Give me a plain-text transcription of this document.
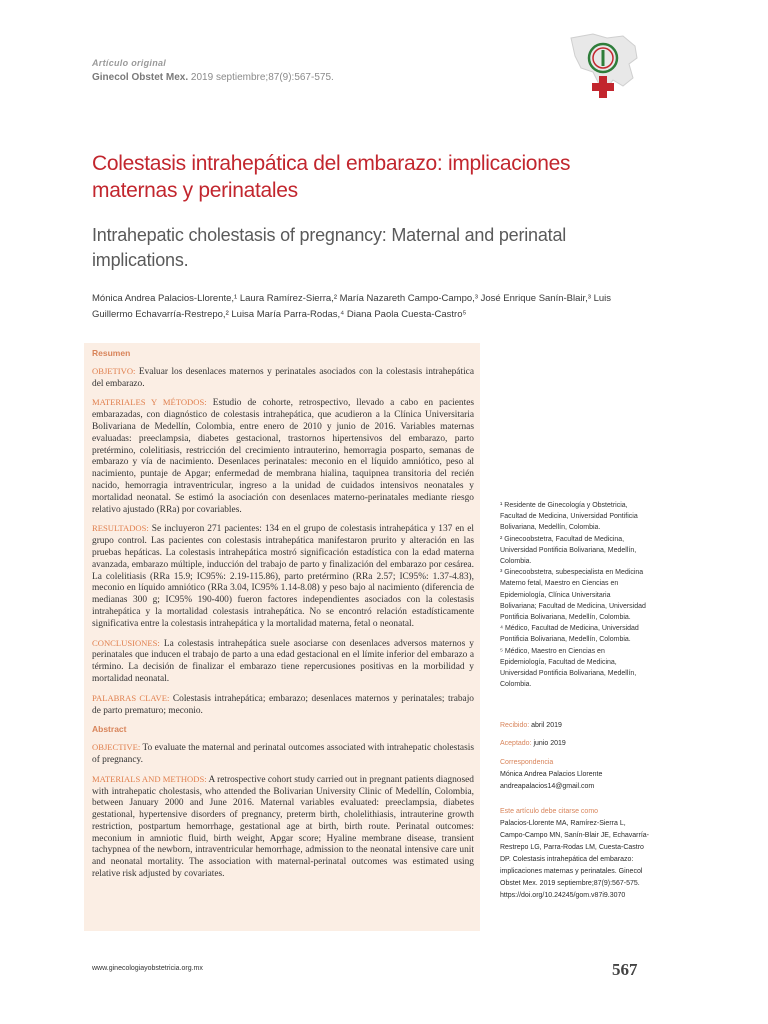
Artículo original
Ginecol Obstet Mex. 2019 septiembre;87(9):567-575.
Colestasis intrahepática del embarazo: implicaciones maternas y perinatales
Intrahepatic cholestasis of pregnancy: Maternal and perinatal implications.
Mónica Andrea Palacios-Llorente,¹ Laura Ramírez-Sierra,² María Nazareth Campo-Campo,³ José Enrique Sanín-Blair,³ Luis Guillermo Echavarría-Restrepo,² Luisa María Parra-Rodas,⁴ Diana Paola Cuesta-Castro⁵
Resumen

OBJETIVO: Evaluar los desenlaces maternos y perinatales asociados con la colestasis intrahepática del embarazo.

MATERIALES Y MÉTODOS: Estudio de cohorte, retrospectivo, llevado a cabo en pacientes embarazadas, con diagnóstico de colestasis intrahepática, que acudieron a la Clínica Universitaria Bolivariana de Medellín, Colombia, entre enero de 2010 y junio de 2016. Variables maternas evaluadas: preeclampsia, diabetes gestacional, trastornos hipertensivos del embarazo, parto pretérmino, colelitiasis, restricción del crecimiento intrauterino, hemorragia posparto, semanas de embarazo y vía de nacimiento. Desenlaces perinatales: meconio en el líquido amniótico, peso al nacimiento, puntaje de Apgar; enfermedad de membrana hialina, taquipnea transitoria del recién nacido, hemorragia intraventricular, ingreso a la unidad de cuidados intensivos neonatales y mortalidad neonatal. Se estimó la asociación con desenlaces materno-perinatales mediante riesgo relativo ajustado (RRa) por covariables.

RESULTADOS: Se incluyeron 271 pacientes: 134 en el grupo de colestasis intrahepática y 137 en el grupo control. Las pacientes con colestasis intrahepática manifestaron prurito y alteración en las pruebas hepáticas. La colestasis intrahepática mostró significación estadística con la edad materna avanzada, embarazo múltiple, inducción del trabajo de parto y finalización del embarazo por cesárea. La colelitiasis (RRa 15.9; IC95%: 2.19-115.86), parto pretérmino (RRa 2.57; IC95%: 1.37-4.83), meconio en líquido amniótico (RRa 3.04, IC95% 1.14-8.08) y peso bajo al nacimiento (diferencia de medianas 300 g; IC95% 190-400) fueron factores independientes asociados con la colestasis intrahepática y la mortalidad colestasis intrahepática. No se encontró relación estadísticamente significativa entre la colestasis intrahepática y la mortalidad materna, fetal o neonatal.

CONCLUSIONES: La colestasis intrahepática suele asociarse con desenlaces adversos maternos y perinatales que inducen el trabajo de parto a una edad gestacional en el límite inferior del embarazo a término. La decisión de finalizar el embarazo tiene repercusiones positivas en la morbilidad y mortalidad neonatal.

PALABRAS CLAVE: Colestasis intrahepática; embarazo; desenlaces maternos y perinatales; trabajo de parto prematuro; meconio.

Abstract

OBJECTIVE: To evaluate the maternal and perinatal outcomes associated with intrahepatic cholestasis of pregnancy.

MATERIALS AND METHODS: A retrospective cohort study carried out in pregnant patients diagnosed with intrahepatic cholestasis, who attended the Bolivarian University Clinic of Medellín, Colombia, between January 2000 and June 2016. Maternal variables evaluated: preeclampsia, diabetes gestational, hypertensive disorders of pregnancy, preterm birth, cholelithiasis, intrauterine growth restriction, postpartum hemorrhage, gestational age at birth, birth route. Perinatal outcomes: meconium in amniotic fluid, birth weight, Apgar score; Hyaline membrane disease, transient tachypnea of the newborn, intraventricular hemorrhage, admission to the neonatal intensive care unit and neonatal mortality. The association with maternal-perinatal outcomes was estimated using relative risk adjusted by covariates.

¹ Residente de Ginecología y Obstetricia, Facultad de Medicina, Universidad Pontificia Bolivariana, Medellín, Colombia.
² Ginecoobstetra, Facultad de Medicina, Universidad Pontificia Bolivariana, Medellín, Colombia.
³ Ginecoobstetra, subespecialista en Medicina Materno fetal, Maestro en Ciencias en Epidemiología, Clínica Universitaria Bolivariana; Facultad de Medicina, Universidad Pontificia Bolivariana, Medellín, Colombia.
⁴ Médico, Facultad de Medicina, Universidad Pontificia Bolivariana, Medellín, Colombia.
⁵ Médico, Maestro en Ciencias en Epidemiología, Facultad de Medicina, Universidad Pontificia Bolivariana, Medellín, Colombia.
Recibido: abril 2019
Aceptado: junio 2019
Correspondencia
Mónica Andrea Palacios Llorente
andreapalacios14@gmail.com
Este artículo debe citarse como
Palacios-Llorente MA, Ramírez-Sierra L, Campo-Campo MN, Sanín-Blair JE, Echavarría-Restrepo LG, Parra-Rodas LM, Cuesta-Castro DP. Colestasis intrahepática del embarazo: implicaciones maternas y perinatales. Ginecol Obstet Mex. 2019 septiembre;87(9):567-575. https://doi.org/10.24245/gom.v87i9.3070
www.ginecologiayobstetricia.org.mx	567
